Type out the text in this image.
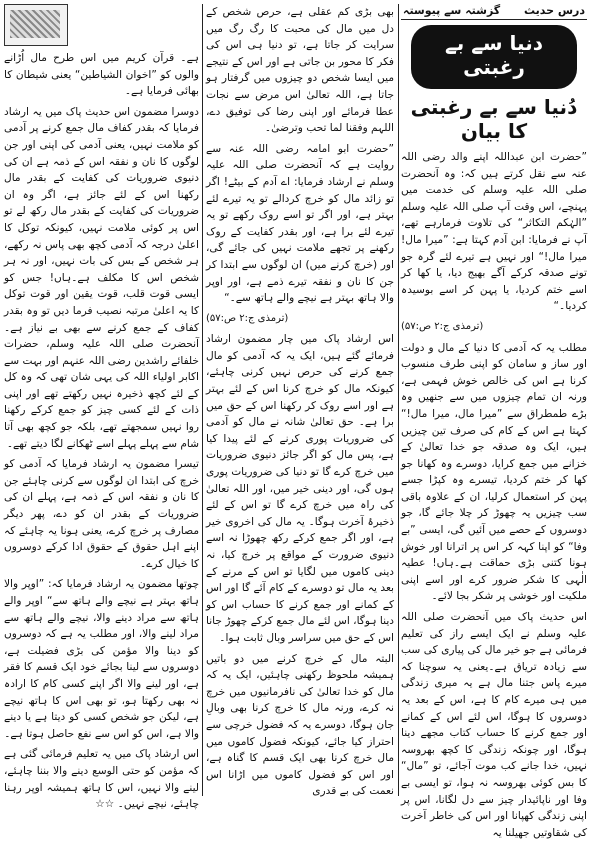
درس حدیث
گزشتہ سے پیوستہ
دنیا سے بے رغبتی
دُنیا سے بے رغبتی کا بیان

”حضرت ابن عبداللہ اپنے والد رضی اللہ عنہ سے نقل کرتے ہیں کہ: وہ آنحضرت صلی اللہ علیہ وسلم کی خدمت میں پہنچے، اس وقت آپ صلی اللہ علیہ وسلم ”الہٰکم التکاثر“ کی تلاوت فرمارہے تھے، آپ نے فرمایا: ابن آدم کہتا ہے: ”میرا مال! میرا مال!“ اور نہیں ہے تیرے لئے گرہ جو تونے صدقہ کرکے آگے بھیج دیا، یا کھا کر اسے ختم کردیا، یا پہن کر اسے بوسیدہ کردیا۔“

(ترمذی ج:۲ ص:۵۷)

مطلب یہ کہ آدمی کا دنیا کے مال و دولت اور ساز و سامان کو اپنی طرف منسوب کرنا ہے اس کی خالص خوش فہمی ہے، ورنہ ان تمام چیزوں میں سے جنھیں وہ بڑے طمطراق سے ”میرا مال، میرا مال!“ کہتا ہے اس کے کام کی صرف تین چیزیں ہیں، ایک وہ صدقہ جو خدا تعالیٰ کے خزانے میں جمع کرایا، دوسرے وہ کھانا جو کھا کر ختم کردیا، تیسرے وہ کپڑا جسے پہن کر استعمال کرلیا، ان کے علاوہ باقی سب چیزیں یہ چھوڑ کر چلا جائے گا، جو دوسروں کے حصے میں آئیں گی، ایسی ”بے وفا“ کو اپنا کہہ کر اس پر اترانا اور خوش ہونا کتنی بڑی حماقت ہے۔ہاں! عطیہ الٰہی کا شکر ضرور کرے اور اسے اپنی ملکیت اور خوشی پر شکر بجا لائے۔

اس حدیث پاک میں آنحضرت صلی اللہ علیہ وسلم نے ایک ایسے راز کی تعلیم فرمائی ہے جو خیر مال کی پیاری کی سب سے زیادہ تریاق ہے۔یعنی یہ سوچنا کہ میرے پاس جتنا مال ہے یہ میری زندگی میں ہی میرے کام کا ہے، اس کے بعد یہ دوسروں کا ہوگا، اس لئے اس کے کمانے اور جمع کرنے کا حساب کتاب مجھے دینا ہوگا، اور چونکہ زندگی کا کچھ بھروسہ نہیں، خدا جانے کب موت آجائے، تو ”مال“ کا بس کوئی بھروسہ نہ ہوا، تو ایسی بے وفا اور ناپائیدار چیز سے دل لگانا، اس پر اپنی زندگی کھپانا اور اس کی خاطر آخرت کی شقاوتیں جھیلنا یہ

بھی بڑی کم عقلی ہے، حرص شخص کے دل میں مال کی محبت کا رگ رگ میں سرایت کر جاتا ہے، تو دنیا ہی اس کی فکر کا محور بن جاتی ہے اور اس کے نتیجے میں ایسا شخص دو چیزوں میں گرفتار ہو جاتا ہے، اللہ تعالیٰ اس مرض سے نجات عطا فرمائے اور اپنی رضا کی توفیق دے، اللہم وفقنا لما تحب وترضیٰ۔

”حضرت ابو امامہ رضی اللہ عنہ سے روایت ہے کہ آنحضرت صلی اللہ علیہ وسلم نے ارشاد فرمایا: اے آدم کے بیٹے! اگر تو زائد مال کو خرچ کردالے تو یہ تیرے لئے بہتر ہے، اور اگر تو اسے روک رکھے تو یہ تیرے لئے برا ہے، اور بقدر کفایت کے روک رکھنے پر تجھے ملامت نہیں کی جائے گی، اور (خرچ کرنے میں) ان لوگوں سے ابتدا کر جن کا نان و نفقہ تیرے ذمے ہے، اور اوپر والا ہاتھ بہتر ہے نیچے والے ہاتھ سے۔“

(ترمذی ج:۲ ص:۵۷)

اس ارشاد پاک میں چار مضمون ارشاد فرمائے گئے ہیں، ایک یہ کہ آدمی کو مال جمع کرنے کی حرص نہیں کرنی چاہئے، کیونکہ مال کو خرچ کرنا اس کے لئے بہتر ہے اور اسے روک کر رکھنا اس کے حق میں برا ہے۔ حق تعالیٰ شانہ نے مال کو آدمی کی ضروریات پوری کرنے کے لئے پیدا کیا ہے، پس مال کو اگر جائز دنیوی ضروریات میں خرچ کرے گا تو دنیا کی ضروریات پوری ہوں گی، اور دینی خیر میں، اور اللہ تعالیٰ کی راہ میں خرچ کرے گا تو اس کے لئے ذخیرۂ آخرت ہوگا۔ یہ مال کی اخروی خیر ہے، اور اگر جمع کرکے رکھ چھوڑا نہ اسے دنیوی ضرورت کے مواقع پر خرچ کیا، نہ دینی کاموں میں لگایا تو اس کے مرنے کے بعد یہ مال تو دوسرے کے کام آئے گا اور اس کے کمانے اور جمع کرنے کا حساب اس کو دینا ہوگا، اس لئے مال جمع کرکے چھوڑ جانا اس کے حق میں سراسر وبال ثابت ہوا۔

البتہ مال کے خرچ کرنے میں دو باتیں ہمیشہ ملحوظ رکھنی چاہئیں، ایک یہ کہ مال کو خدا تعالیٰ کی نافرمانیوں میں خرچ نہ کرے، ورنہ مال کا خرچ کرنا بھی وبالِ جان ہوگا، دوسرے یہ کہ فضول خرچی سے احتراز کیا جائے، کیونکہ فضول کاموں میں مال خرچ کرنا بھی ایک قسم کا گناہ ہے، اور اس کو فضول کاموں میں اڑانا اس نعمت کی بے قدری

ہے۔ قرآن کریم میں اس طرح مال اُڑانے والوں کو ”اخوان الشیاطین“ یعنی شیطان کا بھائی فرمایا ہے۔

دوسرا مضمون اس حدیث پاک میں یہ ارشاد فرمایا کہ بقدر کفاف مال جمع کرنے پر آدمی کو ملامت نہیں، یعنی آدمی کی اپنی اور جن لوگوں کا نان و نفقہ اس کے ذمہ ہے ان کی دنیوی ضروریات کی کفایت کے بقدر مال رکھنا اس کے لئے جائز ہے، اگر وہ ان ضروریات کی کفایت کے بقدر مال رکھ لے تو اس پر کوئی ملامت نہیں، کیونکہ توکل کا اعلیٰ درجہ کہ آدمی کچھ بھی پاس نہ رکھے، ہر شخص کے بس کی بات نہیں، اور نہ ہر شخص اس کا مکلف ہے۔ہاں! جس کو ایسی قوت قلب، قوت یقین اور قوت توکل کا یہ اعلیٰ مرتبہ نصیب فرما دیں تو وہ بقدر کفاف کے جمع کرنے سے بھی بے نیاز ہے۔ آنحضرت صلی اللہ علیہ وسلم، حضرات خلفائے راشدین رضی اللہ عنہم اور بہت سے اکابر اولیاء اللہ کی یہی شان تھی کہ وہ کل کے لئے کچھ ذخیرہ نہیں رکھتے تھے اور اپنی ذات کے لئے کسی چیز کو جمع کرکے رکھنا روا نہیں سمجھتے تھے، بلکہ جو کچھ بھی آتا شام سے پہلے پہلے اسے ٹھکانے لگا دیتے تھے۔

تیسرا مضمون یہ ارشاد فرمایا کہ آدمی کو خرچ کی ابتدا ان لوگوں سے کرنی چاہئے جن کا نان و نفقہ اس کے ذمہ ہے، پہلے ان کی ضروریات کے بقدر ان کو دے، پھر دیگر مصارف پر خرچ کرے، یعنی ہونا یہ چاہئے کہ اپنے اہل حقوق کے حقوق ادا کرکے دوسروں کا خیال کرے۔

چوتھا مضمون یہ ارشاد فرمایا کہ: ”اوپر والا ہاتھ بہتر ہے نیچے والے ہاتھ سے“ اوپر والے ہاتھ سے مراد دینے والا، نیچے والے ہاتھ سے مراد لینے والا، اور مطلب یہ ہے کہ دوسروں کو دینا والا مؤمن کی بڑی فضیلت ہے، دوسروں سے لینا بجائے خود ایک قسم کا فقر ہے، اور لینے والا اگر اپنے کسی کام کا ارادہ نہ بھی رکھتا ہو، تو بھی اس کا ہاتھ نیچے ہے، لیکن جو شخص کسی کو دیتا ہے یا دینے والا ہے، اس کو اس سے نفع حاصل ہوتا ہے۔

اس ارشاد پاک میں یہ تعلیم فرمائی گئی ہے کہ مؤمن کو حتی الوسع دینے والا بننا چاہئے، لینے والا نہیں، اس کا ہاتھ ہمیشہ اوپر رہنا چاہئے، نیچے نہیں۔ ☆☆
